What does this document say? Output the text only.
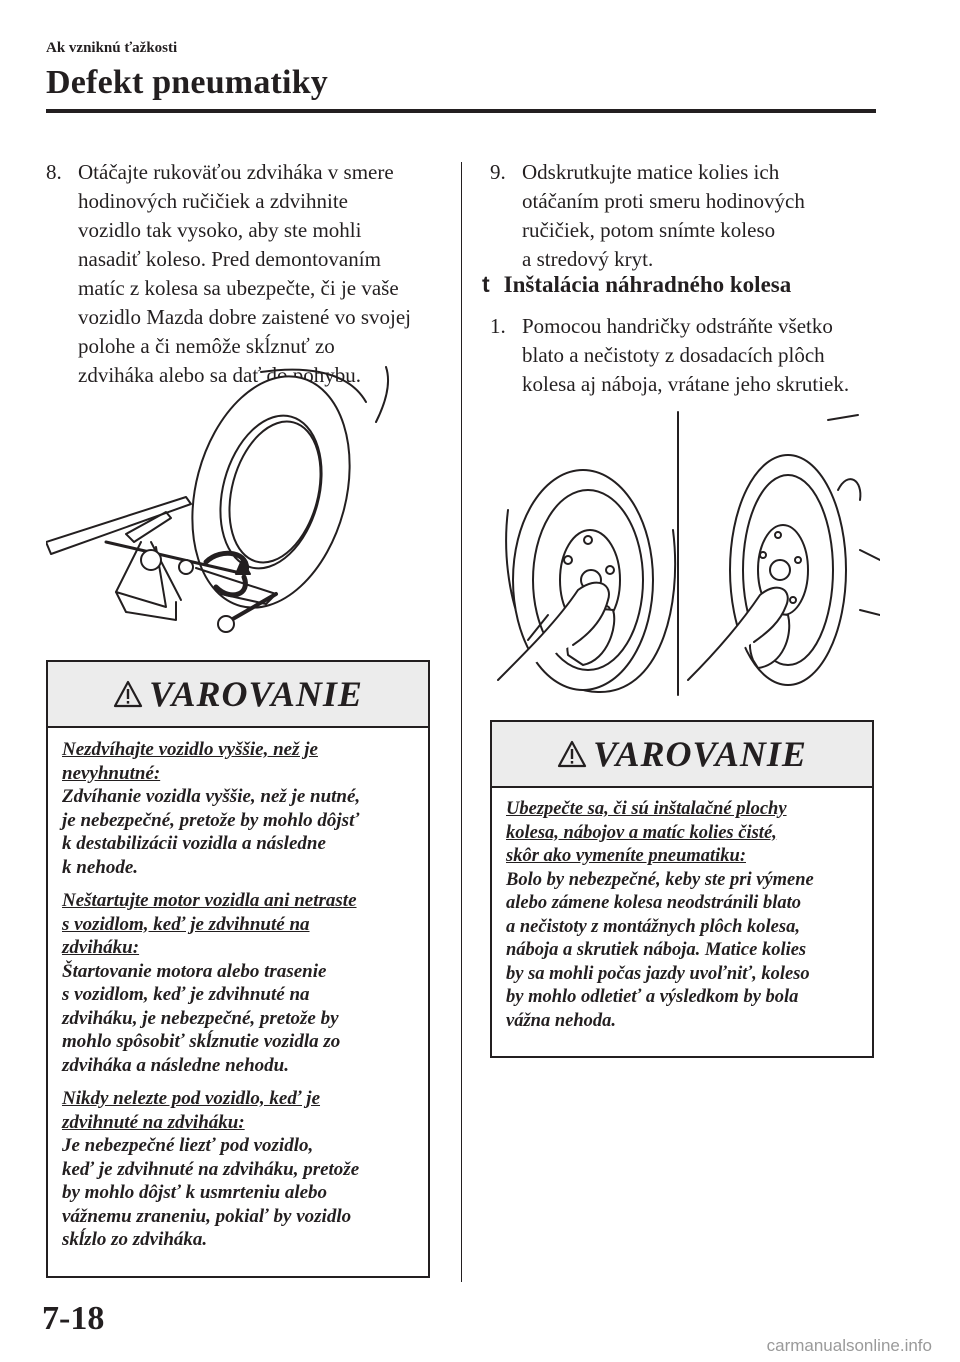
Ak vzniknú ťažkosti
Defekt pneumatiky
8. Otáčajte rukoväťou zdviháka v smere
hodinových ručičiek a zdvihnite
vozidlo tak vysoko, aby ste mohli
nasadiť koleso. Pred demontovaním
matíc z kolesa sa ubezpečte, či je vaše
vozidlo Mazda dobre zaistené vo svojej
polohe a či nemôže skĺznuť zo
zdviháka alebo sa dať do pohybu.
VAROVANIE
Nezdvíhajte vozidlo vyššie, než je
nevyhnutné:
Zdvíhanie vozidla vyššie, než je nutné,
je nebezpečné, pretože by mohlo dôjsť
k destabilizácii vozidla a následne
k nehode.
Neštartujte motor vozidla ani netraste
s vozidlom, keď je zdvihnuté na
zdviháku:
Štartovanie motora alebo trasenie
s vozidlom, keď je zdvihnuté na
zdviháku, je nebezpečné, pretože by
mohlo spôsobiť skĺznutie vozidla zo
zdviháka a následne nehodu.
Nikdy nelezte pod vozidlo, keď je
zdvihnuté na zdviháku:
Je nebezpečné liezť pod vozidlo,
keď je zdvihnuté na zdviháku, pretože
by mohlo dôjsť k usmrteniu alebo
vážnemu zraneniu, pokiaľ by vozidlo
skĺzlo zo zdviháka.
9. Odskrutkujte matice kolies ich
otáčaním proti smeru hodinových
ručičiek, potom snímte koleso
a stredový kryt.
t Inštalácia náhradného kolesa
1. Pomocou handričky odstráňte všetko
blato a nečistoty z dosadacích plôch
kolesa aj nábojа, vrátane jeho skrutiek.
VAROVANIE
Ubezpečte sa, či sú inštalačné plochy
kolesa, nábojov a matíc kolies čisté,
skôr ako vymeníte pneumatiku:
Bolo by nebezpečné, keby ste pri výmene
alebo zámene kolesa neodstránili blato
a nečistoty z montážnych plôch kolesa,
nábojа a skrutiek nábojа. Matice kolies
by sa mohli počas jazdy uvoľniť, koleso
by mohlo odletieť a výsledkom by bola
vážna nehoda.
7-18
carmanualsonline.info
